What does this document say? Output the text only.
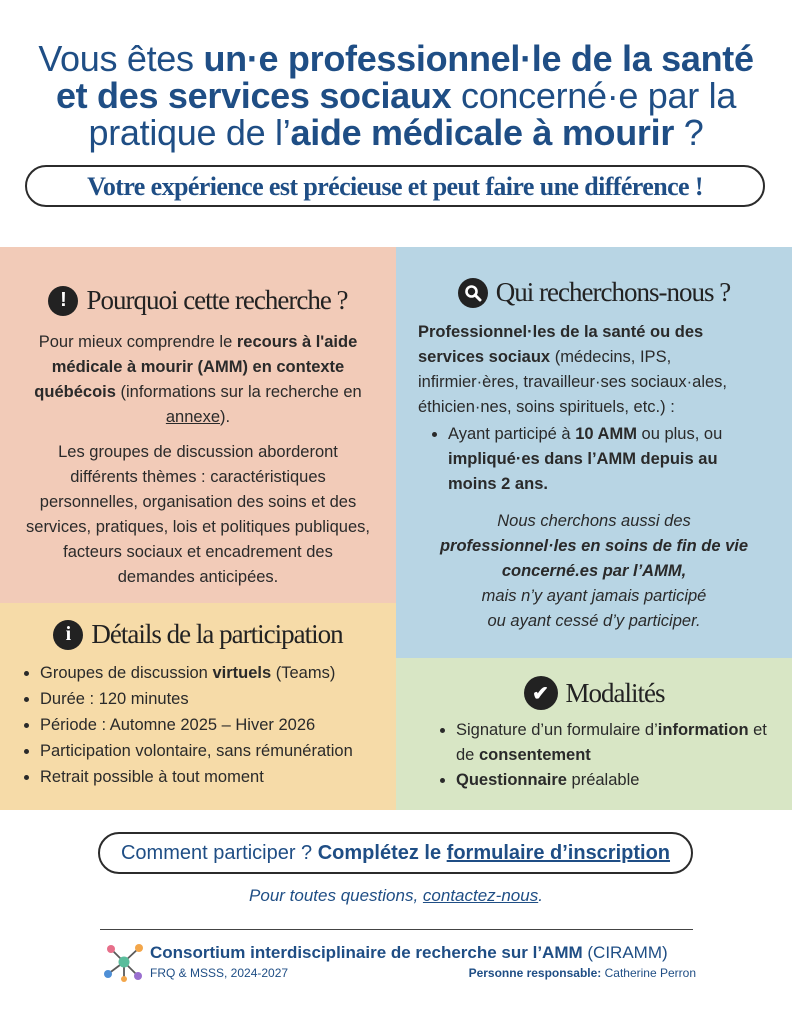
Vous êtes un·e professionnel·le de la santé
et des services sociaux concerné·e par la
pratique de l’aide médicale à mourir ?
Votre expérience est précieuse et peut faire une différence !
! Pourquoi cette recherche ?
Pour mieux comprendre le recours à l'aide médicale à mourir (AMM) en contexte québécois (informations sur la recherche en annexe).
Les groupes de discussion aborderont différents thèmes : caractéristiques personnelles, organisation des soins et des services, pratiques, lois et politiques publiques, facteurs sociaux et encadrement des demandes anticipées.
Qui recherchons-nous ?
Professionnel·les de la santé ou des services sociaux (médecins, IPS, infirmier·ères, travailleur·ses sociaux·ales, éthicien·nes, soins spirituels, etc.) :
• Ayant participé à 10 AMM ou plus, ou impliqué·es dans l’AMM depuis au moins 2 ans.
Nous cherchons aussi des
professionnel·les en soins de fin de vie concerné.es par l’AMM,
mais n’y ayant jamais participé
ou ayant cessé d’y participer.
i Détails de la participation
• Groupes de discussion virtuels (Teams)
• Durée : 120 minutes
• Période : Automne 2025 – Hiver 2026
• Participation volontaire, sans rémunération
• Retrait possible à tout moment
✔ Modalités
• Signature d’un formulaire d’information et de consentement
• Questionnaire préalable
Comment participer ? Complétez le formulaire d’inscription
Pour toutes questions, contactez-nous.
Consortium interdisciplinaire de recherche sur l’AMM (CIRAMM)
FRQ & MSSS, 2024-2027	Personne responsable: Catherine Perron
